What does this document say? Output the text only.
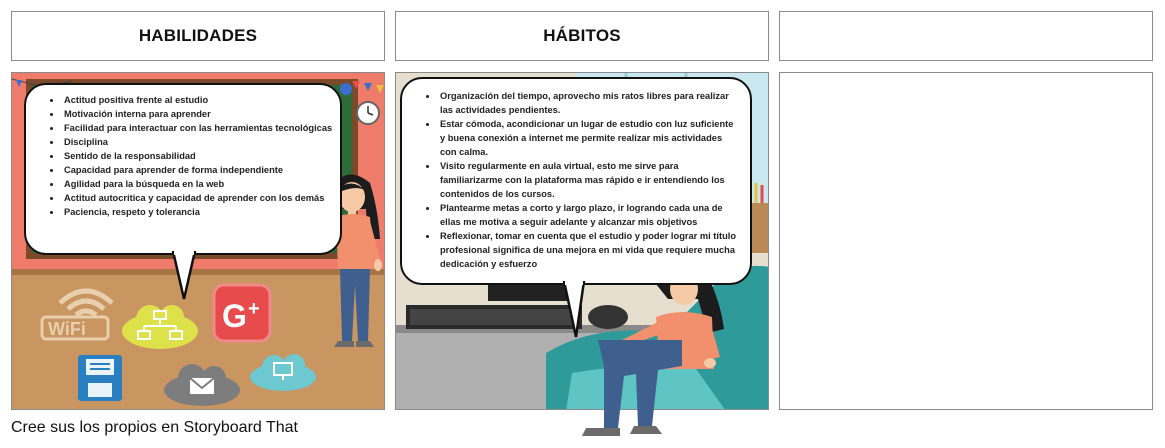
HABILIDADES	HÁBITOS
• Actitud positiva frente al estudio
• Motivación interna para aprender
• Facilidad para interactuar con las herramientas tecnológicas
• Disciplina
• Sentido de la responsabilidad
• Capacidad para aprender de forma independiente
• Agilidad para la búsqueda en la web
• Actitud autocrítica y capacidad de aprender con los demás
• Paciencia, respeto y tolerancia
WiFi	G +
• Organización del tiempo, aprovecho mis ratos libres para realizar las actividades pendientes.
• Estar cómoda, acondicionar un lugar de estudio con luz suficiente y buena conexión a internet me permite realizar mis actividades con calma.
• Visito regularmente en aula virtual, esto me sirve para familiarizarme con la plataforma mas rápido e ir entendiendo los contenidos de los cursos.
• Plantearme metas a corto y largo plazo, ir logrando cada una de ellas me motiva a seguir adelante y alcanzar mis objetivos
• Reflexionar, tomar en cuenta que el estudio y poder lograr mi título profesional significa de una mejora en mi vida que requiere mucha dedicación y esfuerzo
Cree sus los propios en Storyboard That
